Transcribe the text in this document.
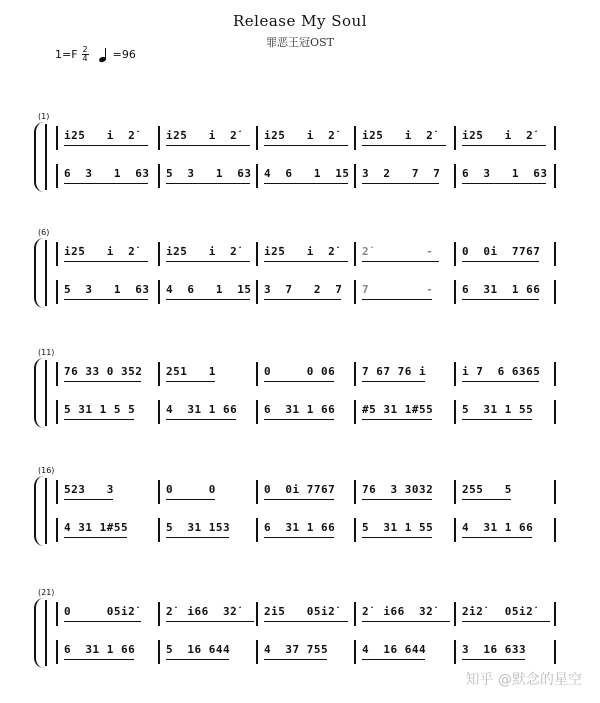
Release My Soul
罪恶王冠OST
$1=F \frac{2}{4} =96$
(1)
i2̇5   i  2̇	i2̇5   i  2̇ i2̇5   i  2̇ i2̇5   i  2̇	i2̇5   i  2̇
6  3   1  63 5  3   1  63 4  6   1  15 3  2   7  7 6  3   1  63
(6)
i2̇5   i  2̇	i2̇5   i  2̇ i2̇5   i  2̇ 2̇        -	0  0i  7767
5  3   1  63 4  6   1  15 3  7   2  7 7        -	6  31  1 66
(11)
76 33 0 352 251   1	0     0 06 7 67 76 i	i 7  6 6365
5 31 1 5 5	4  31 1 66 6  31 1 66 #5 31 1#55	5  31 1 55
(16)
523   3	0     0	0  0i 7767 76  3 3032	255   5
4 31 1#55	5  31 153	6  31 1 66 5  31 1 55	4  31 1 66
(21)
0     05i2̇	2̇  i66  3̇2̇ 2̇i5   05i2̇ 2̇  i66  3̇2̇	2̇i2̇   05i2̇
6  31 1 66	5  16 644	4  37 755	4  16 644	3  16 633
知乎 @默念的星空
